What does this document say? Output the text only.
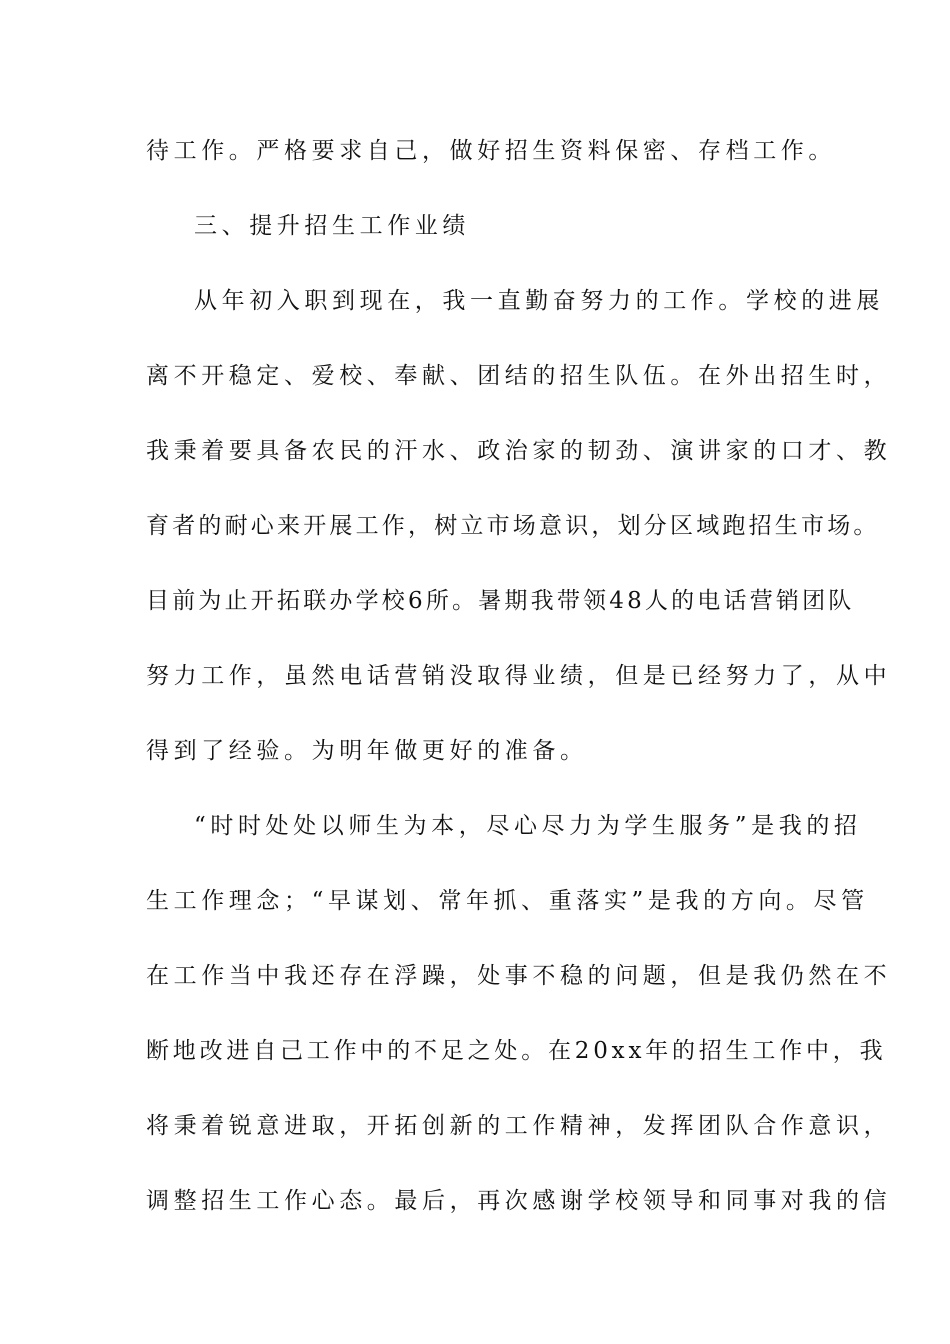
待工作。严格要求自己，做好招生资料保密、存档工作。
三、提升招生工作业绩
从年初入职到现在，我一直勤奋努力的工作。学校的进展
离不开稳定、爱校、奉献、团结的招生队伍。在外出招生时，
我秉着要具备农民的汗水、政治家的韧劲、演讲家的口才、教
育者的耐心来开展工作，树立市场意识，划分区域跑招生市场。
目前为止开拓联办学校6所。暑期我带领48人的电话营销团队
努力工作，虽然电话营销没取得业绩，但是已经努力了，从中
得到了经验。为明年做更好的准备。
“时时处处以师生为本，尽心尽力为学生服务”是我的招
生工作理念；“早谋划、常年抓、重落实”是我的方向。尽管
在工作当中我还存在浮躁，处事不稳的问题，但是我仍然在不
断地改进自己工作中的不足之处。在20xx年的招生工作中，我
将秉着锐意进取，开拓创新的工作精神，发挥团队合作意识，
调整招生工作心态。最后，再次感谢学校领导和同事对我的信
